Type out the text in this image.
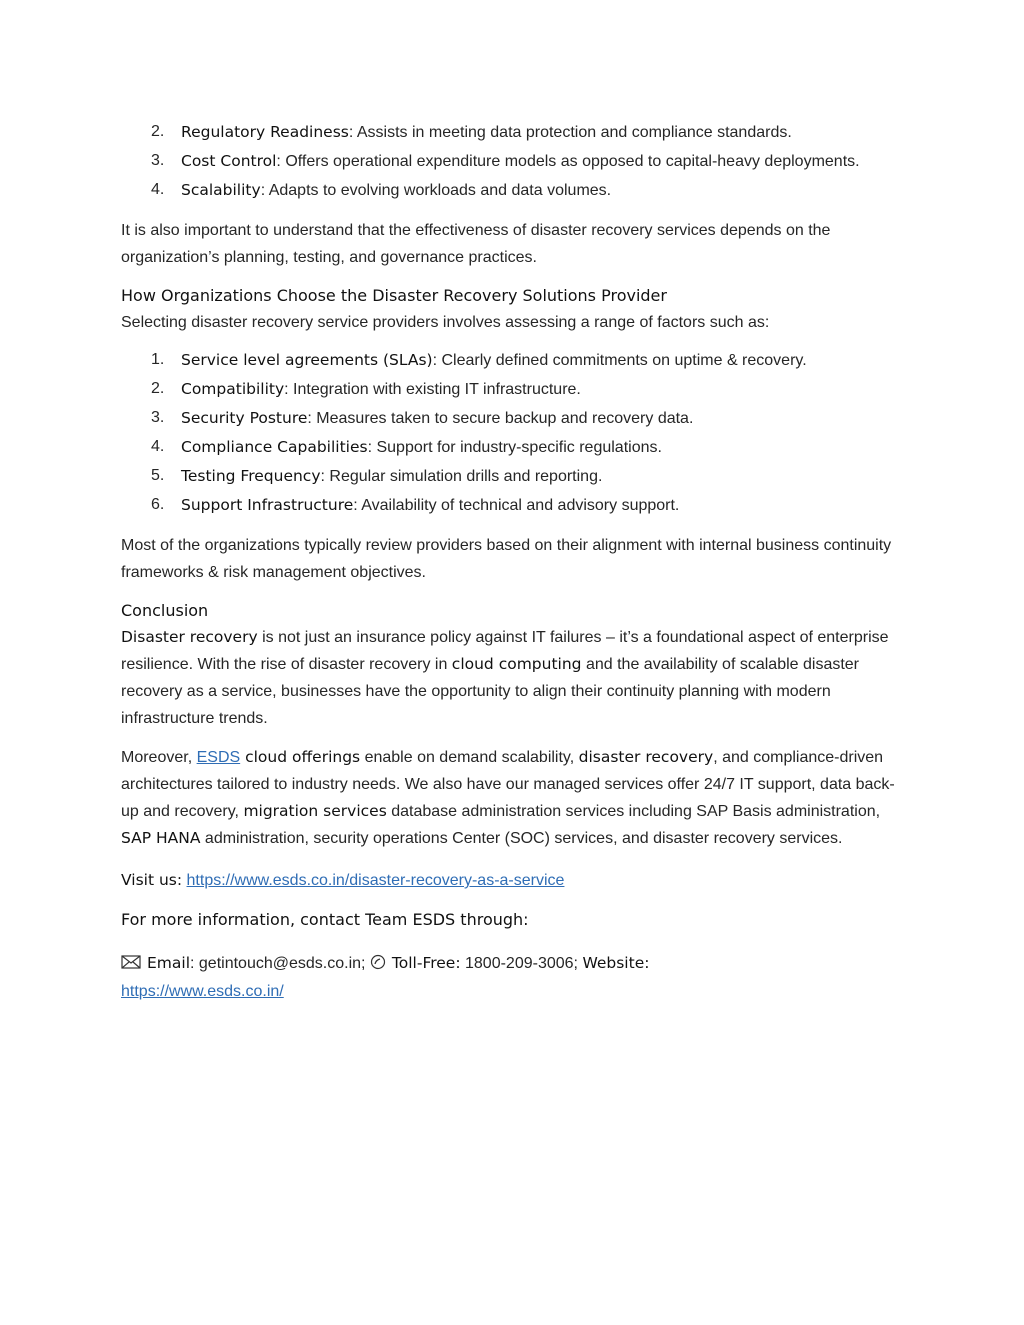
2. Regulatory Readiness: Assists in meeting data protection and compliance standards.
3. Cost Control: Offers operational expenditure models as opposed to capital-heavy deployments.
4. Scalability: Adapts to evolving workloads and data volumes.

It is also important to understand that the effectiveness of disaster recovery services depends on the organization’s planning, testing, and governance practices.

How Organizations Choose the Disaster Recovery Solutions Provider

Selecting disaster recovery service providers involves assessing a range of factors such as:

1. Service level agreements (SLAs): Clearly defined commitments on uptime & recovery.
2. Compatibility: Integration with existing IT infrastructure.
3. Security Posture: Measures taken to secure backup and recovery data.
4. Compliance Capabilities: Support for industry-specific regulations.
5. Testing Frequency: Regular simulation drills and reporting.
6. Support Infrastructure: Availability of technical and advisory support.

Most of the organizations typically review providers based on their alignment with internal business continuity frameworks & risk management objectives.

Conclusion

Disaster recovery is not just an insurance policy against IT failures – it’s a foundational aspect of enterprise resilience. With the rise of disaster recovery in cloud computing and the availability of scalable disaster recovery as a service, businesses have the opportunity to align their continuity planning with modern infrastructure trends.

Moreover, ESDS cloud offerings enable on demand scalability, disaster recovery, and compliance-driven architectures tailored to industry needs. We also have our managed services offer 24/7 IT support, data back-up and recovery, migration services database administration services including SAP Basis administration, SAP HANA administration, security operations Center (SOC) services, and disaster recovery services.

Visit us: https://www.esds.co.in/disaster-recovery-as-a-service

For more information, contact Team ESDS through:

Email: getintouch@esds.co.in; Toll-Free: 1800-209-3006; Website:
https://www.esds.co.in/
